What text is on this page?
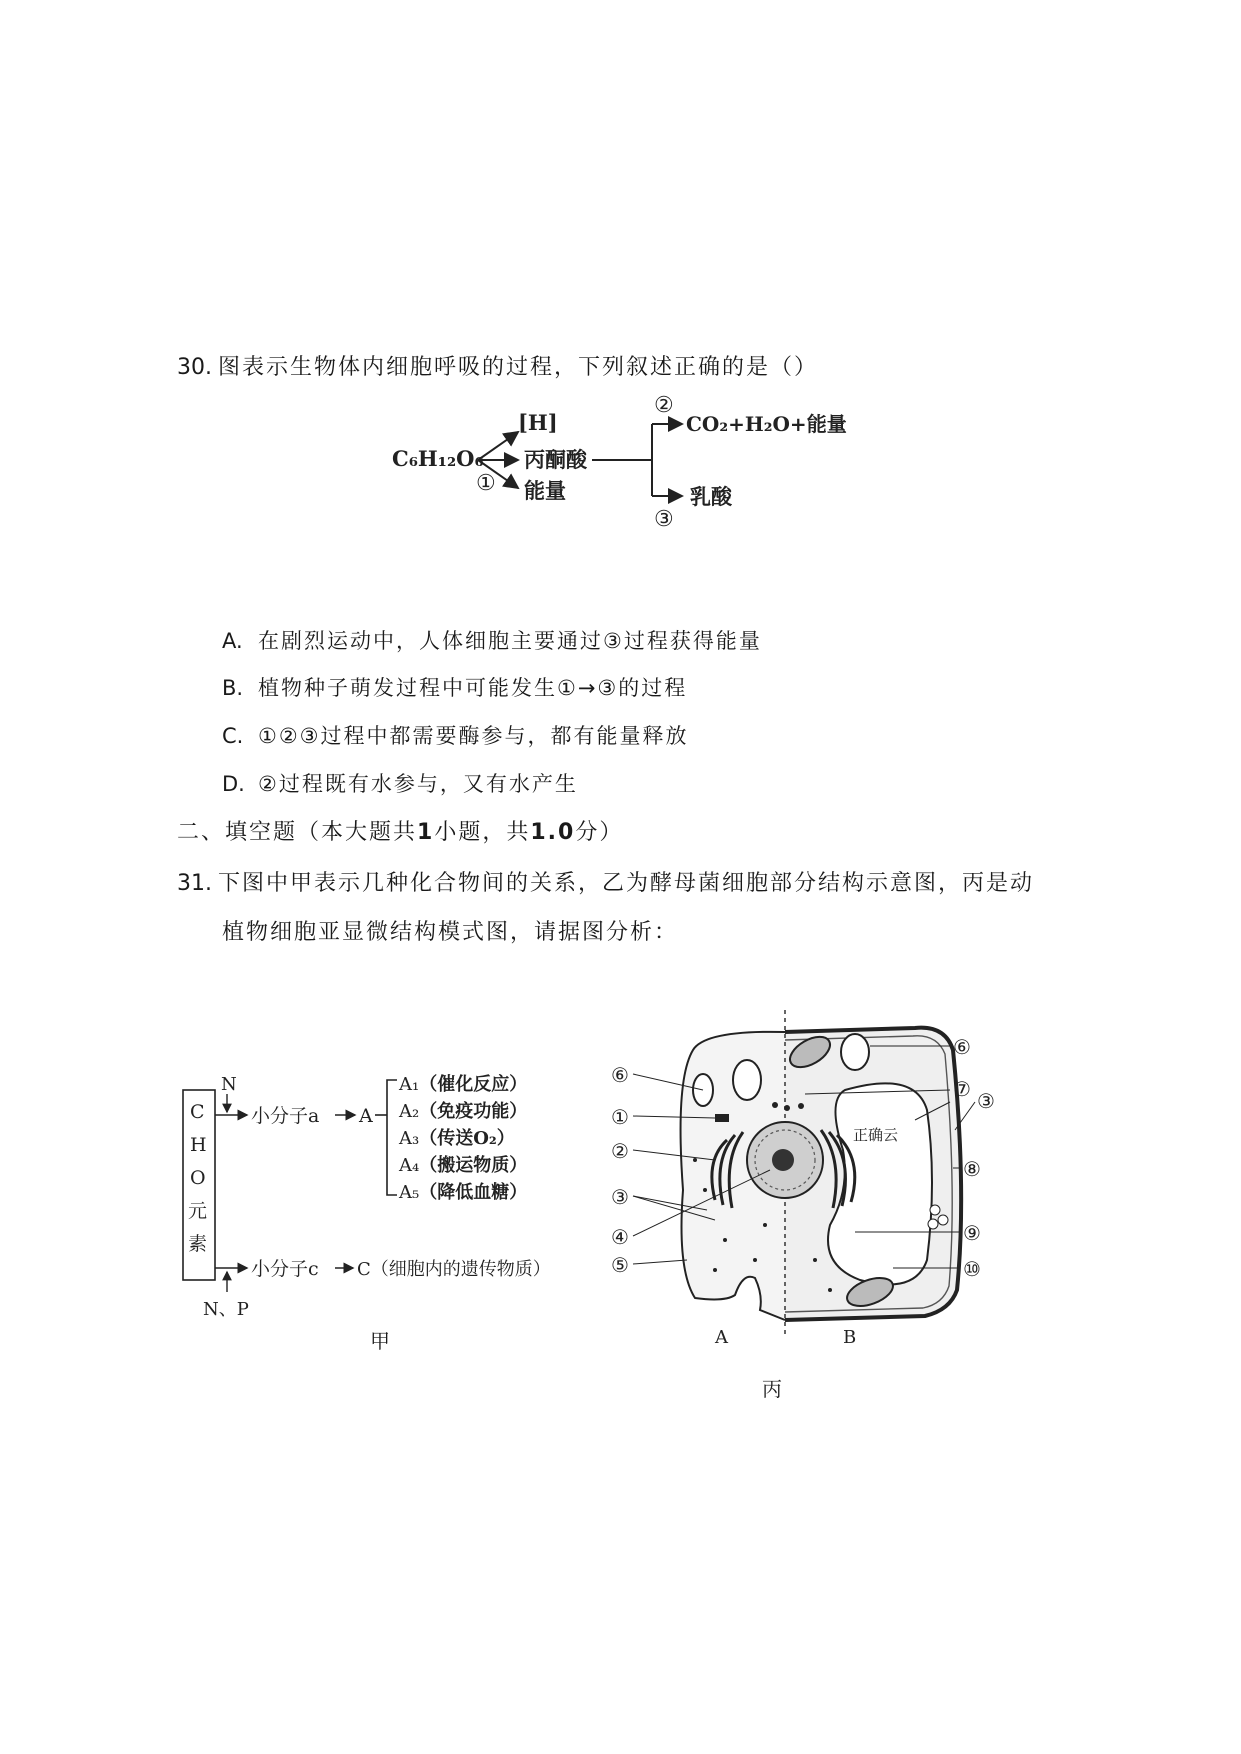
30. 图表示生物体内细胞呼吸的过程，下列叙述正确的是（）
C₆H₁₂O₆
[H]
丙酮酸
能量
①
②
③
CO₂+H₂O+能量
乳酸
A. 在剧烈运动中，人体细胞主要通过③过程获得能量
B. 植物种子萌发过程中可能发生①→③的过程
C. ①②③过程中都需要酶参与，都有能量释放
D. ②过程既有水参与，又有水产生
二、填空题（本大题共1小题，共1.0分）
31. 下图中甲表示几种化合物间的关系，乙为酵母菌细胞部分结构示意图，丙是动
植物细胞亚显微结构模式图，请据图分析：
C
H
O
元
素
N
小分子a A
A₁（催化反应）
A₂（免疫功能）
A₃（传送O₂）
A₄（搬运物质）
A₅（降低血糖）
小分子c C（细胞内的遗传物质）
N、P
甲
⑥
①
②
③
④
⑤
⑥
⑦ ③
⑧
⑨
⑩
正确云
A	B
丙
